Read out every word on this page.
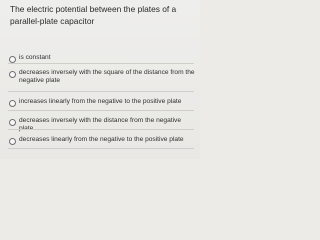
The electric potential between the plates of a parallel-plate capacitor
is constant
decreases inversely with the square of the distance from the negative plate
increases linearly from the negative to the positive plate
decreases inversely with the distance from the negative
decreases linearly from the negative to the positive plate
